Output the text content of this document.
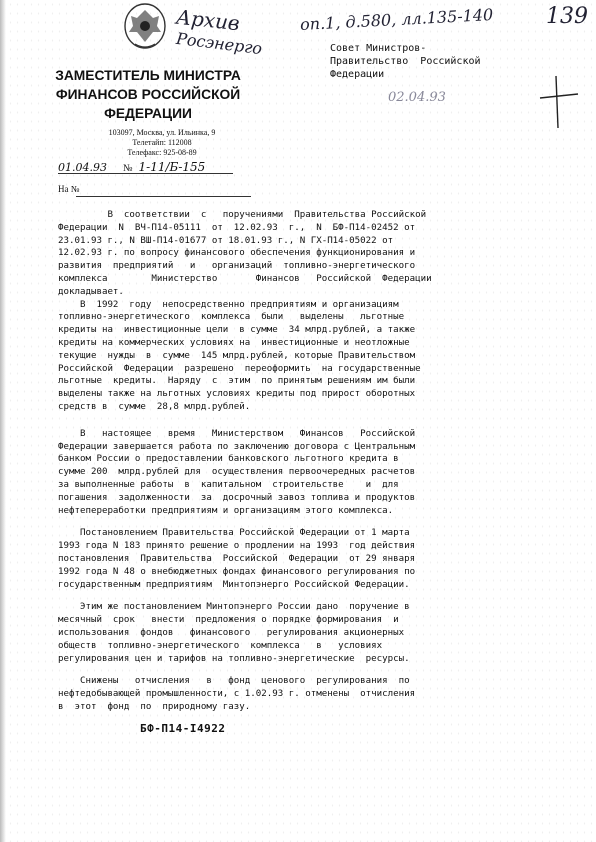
Архив
Росэнерго
оп.1, д.580, лл.135-140 139
02.04.93
ЗАМЕСТИТЕЛЬ МИНИСТРА
ФИНАНСОВ РОССИЙСКОЙ
ФЕДЕРАЦИИ
103097, Москва, ул. Ильинка, 9
Телетайп: 112008
Телефакс: 925-08-89
01.04.93 № 1-11/Б-155
На №
Совет Министров-
Правительство  Российской
Федерации
В  соответствии  с   поручениями  Правительства Российской
Федерации  N  ВЧ-П14-05111  от  12.02.93  г.,  N  БФ-П14-02452 от
23.01.93 г., N ВШ-П14-01677 от 18.01.93 г., N ГХ-П14-05022 от
12.02.93 г. по вопросу финансового обеспечения функционирования и
развития  предприятий   и   организаций  топливно-энергетического
комплекса        Министерство       Финансов   Российской  Федерации
докладывает.
В  1992  году  непосредственно предприятиям и организациям
топливно-энергетического  комплекса  были   выделены   льготные
кредиты на  инвестиционные цели  в сумме  34 млрд.рублей, а также
кредиты на коммерческих условиях на  инвестиционные и неотложные
текущие  нужды  в  сумме  145 млрд.рублей, которые Правительством
Российской  Федерации  разрешено  переоформить  на государственные
льготные  кредиты.  Наряду  с  этим  по принятым решениям им были
выделены также на льготных условиях кредиты под прирост оборотных
средств в  сумме  28,8 млрд.рублей.
В   настоящее   время   Министерством   Финансов   Российской
Федерации завершается работа по заключению договора с Центральным
банком России о предоставлении банковского льготного кредита в
сумме 200  млрд.рублей для  осуществления первоочередных расчетов
за выполненные работы  в  капитальном  строительстве    и  для
погашения  задолженности  за  досрочный завоз топлива и продуктов
нефтепереработки предприятиям и организациям этого комплекса.
Постановлением Правительства Российской Федерации от 1 марта
1993 года N 183 принято решение о продлении на 1993  год действия
постановления  Правительства  Российской  Федерации  от 29 января
1992 года N 48 о внебюджетных фондах финансового регулирования по
государственным предприятиям  Минтопэнерго Российской Федерации.
Этим же постановлением Минтопэнерго России дано  поручение в
месячный  срок   внести  предложения о порядке формирования  и
использования  фондов   финансового   регулирования акционерных
обществ  топливно-энергетического  комплекса   в   условиях
регулирования цен и тарифов на топливно-энергетические  ресурсы.
Снижены   отчисления   в   фонд  ценового  регулирования  по
нефтедобывающей промышленности, с 1.02.93 г. отменены  отчисления
в  этот  фонд  по  природному газу.
БФ-П14-I4922
